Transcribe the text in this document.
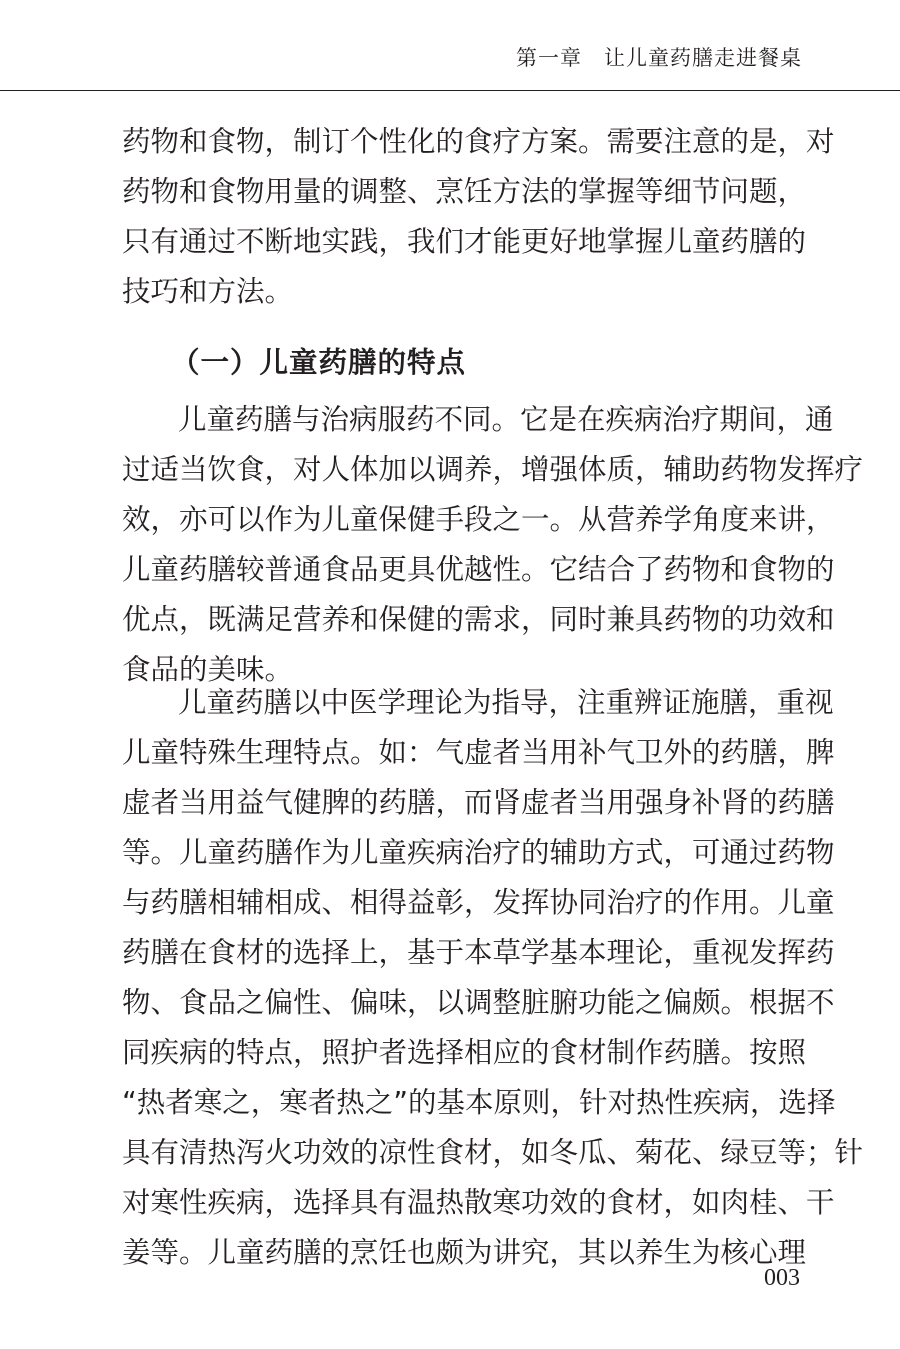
第一章 让儿童药膳走进餐桌
药物和食物，制订个性化的食疗方案。需要注意的是，对
药物和食物用量的调整、烹饪方法的掌握等细节问题，
只有通过不断地实践，我们才能更好地掌握儿童药膳的
技巧和方法。
（一）儿童药膳的特点
儿童药膳与治病服药不同。它是在疾病治疗期间，通
过适当饮食，对人体加以调养，增强体质，辅助药物发挥疗
效，亦可以作为儿童保健手段之一。从营养学角度来讲，
儿童药膳较普通食品更具优越性。它结合了药物和食物的
优点，既满足营养和保健的需求，同时兼具药物的功效和
食品的美味。
儿童药膳以中医学理论为指导，注重辨证施膳，重视
儿童特殊生理特点。如：气虚者当用补气卫外的药膳，脾
虚者当用益气健脾的药膳，而肾虚者当用强身补肾的药膳
等。儿童药膳作为儿童疾病治疗的辅助方式，可通过药物
与药膳相辅相成、相得益彰，发挥协同治疗的作用。儿童
药膳在食材的选择上，基于本草学基本理论，重视发挥药
物、食品之偏性、偏味，以调整脏腑功能之偏颇。根据不
同疾病的特点，照护者选择相应的食材制作药膳。按照
“热者寒之，寒者热之”的基本原则，针对热性疾病，选择
具有清热泻火功效的凉性食材，如冬瓜、菊花、绿豆等；针
对寒性疾病，选择具有温热散寒功效的食材，如肉桂、干
姜等。儿童药膳的烹饪也颇为讲究，其以养生为核心理
003
